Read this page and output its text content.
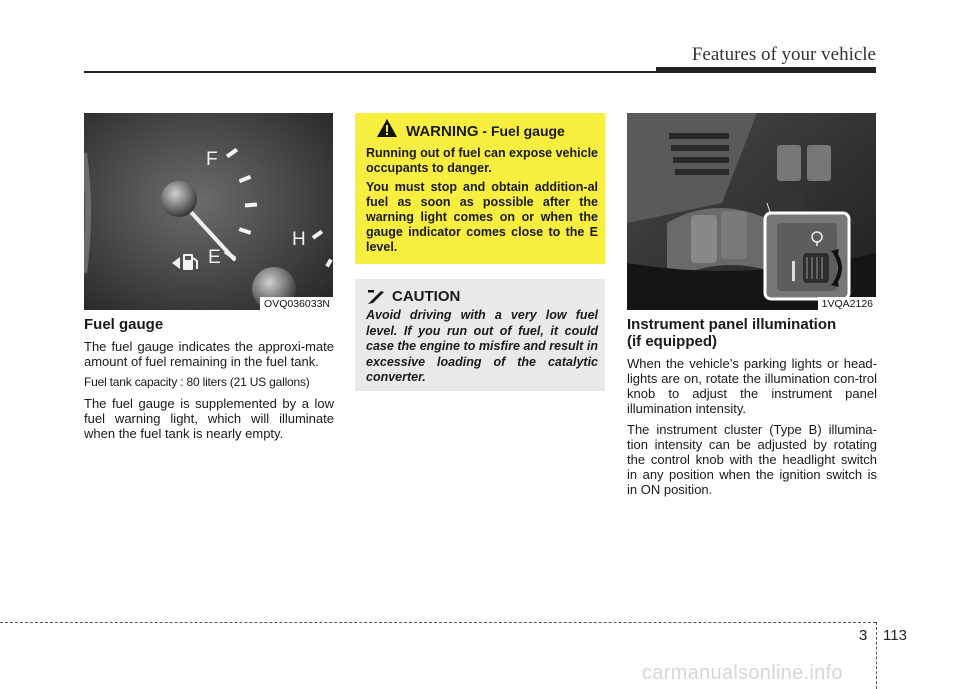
Features of your vehicle
F
E
H
OVQ036033N
Fuel gauge

The fuel gauge indicates the approxi-mate amount of fuel remaining in the fuel tank.

Fuel tank capacity : 80 liters (21 US gallons)

The fuel gauge is supplemented by a low fuel warning light, which will illuminate when the fuel tank is nearly empty.

WARNING - Fuel gauge

Running out of fuel can expose vehicle occupants to danger.

You must stop and obtain addition-al fuel as soon as possible after the warning light comes on or when the gauge indicator comes close to the E level.

CAUTION

Avoid driving with a very low fuel level. If you run out of fuel, it could case the engine to misfire and result in excessive loading of the catalytic converter.

1VQA2126
Instrument panel illumination
(if equipped)

When the vehicle’s parking lights or head-lights are on, rotate the illumination con-trol knob to adjust the instrument panel illumination intensity.

The instrument cluster (Type B) illumina-tion intensity can be adjusted by rotating the control knob with the headlight switch in any position when the ignition switch is in ON position.

3 113
carmanualsonline.info
